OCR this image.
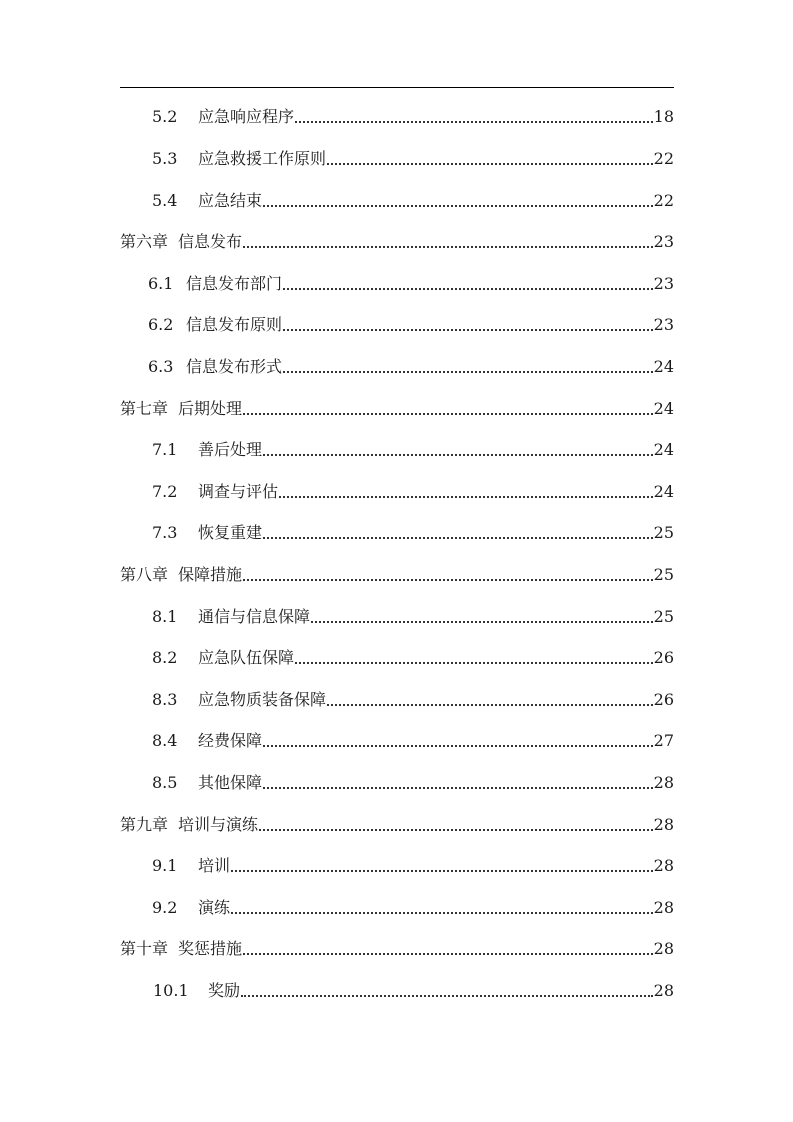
5.2	应急响应程序	18
5.3	应急救援工作原则	22
5.4	应急结束	22
第六章 信息发布	23
6.1 信息发布部门	23
6.2 信息发布原则	23
6.3 信息发布形式	24
第七章 后期处理	24
7.1	善后处理	24
7.2	调查与评估	24
7.3	恢复重建	25
第八章 保障措施	25
8.1	通信与信息保障	25
8.2	应急队伍保障	26
8.3	应急物质装备保障	26
8.4	经费保障	27
8.5	其他保障	28
第九章 培训与演练	28
9.1	培训	28
9.2	演练	28
第十章 奖惩措施	28
10.1	奖励	28
